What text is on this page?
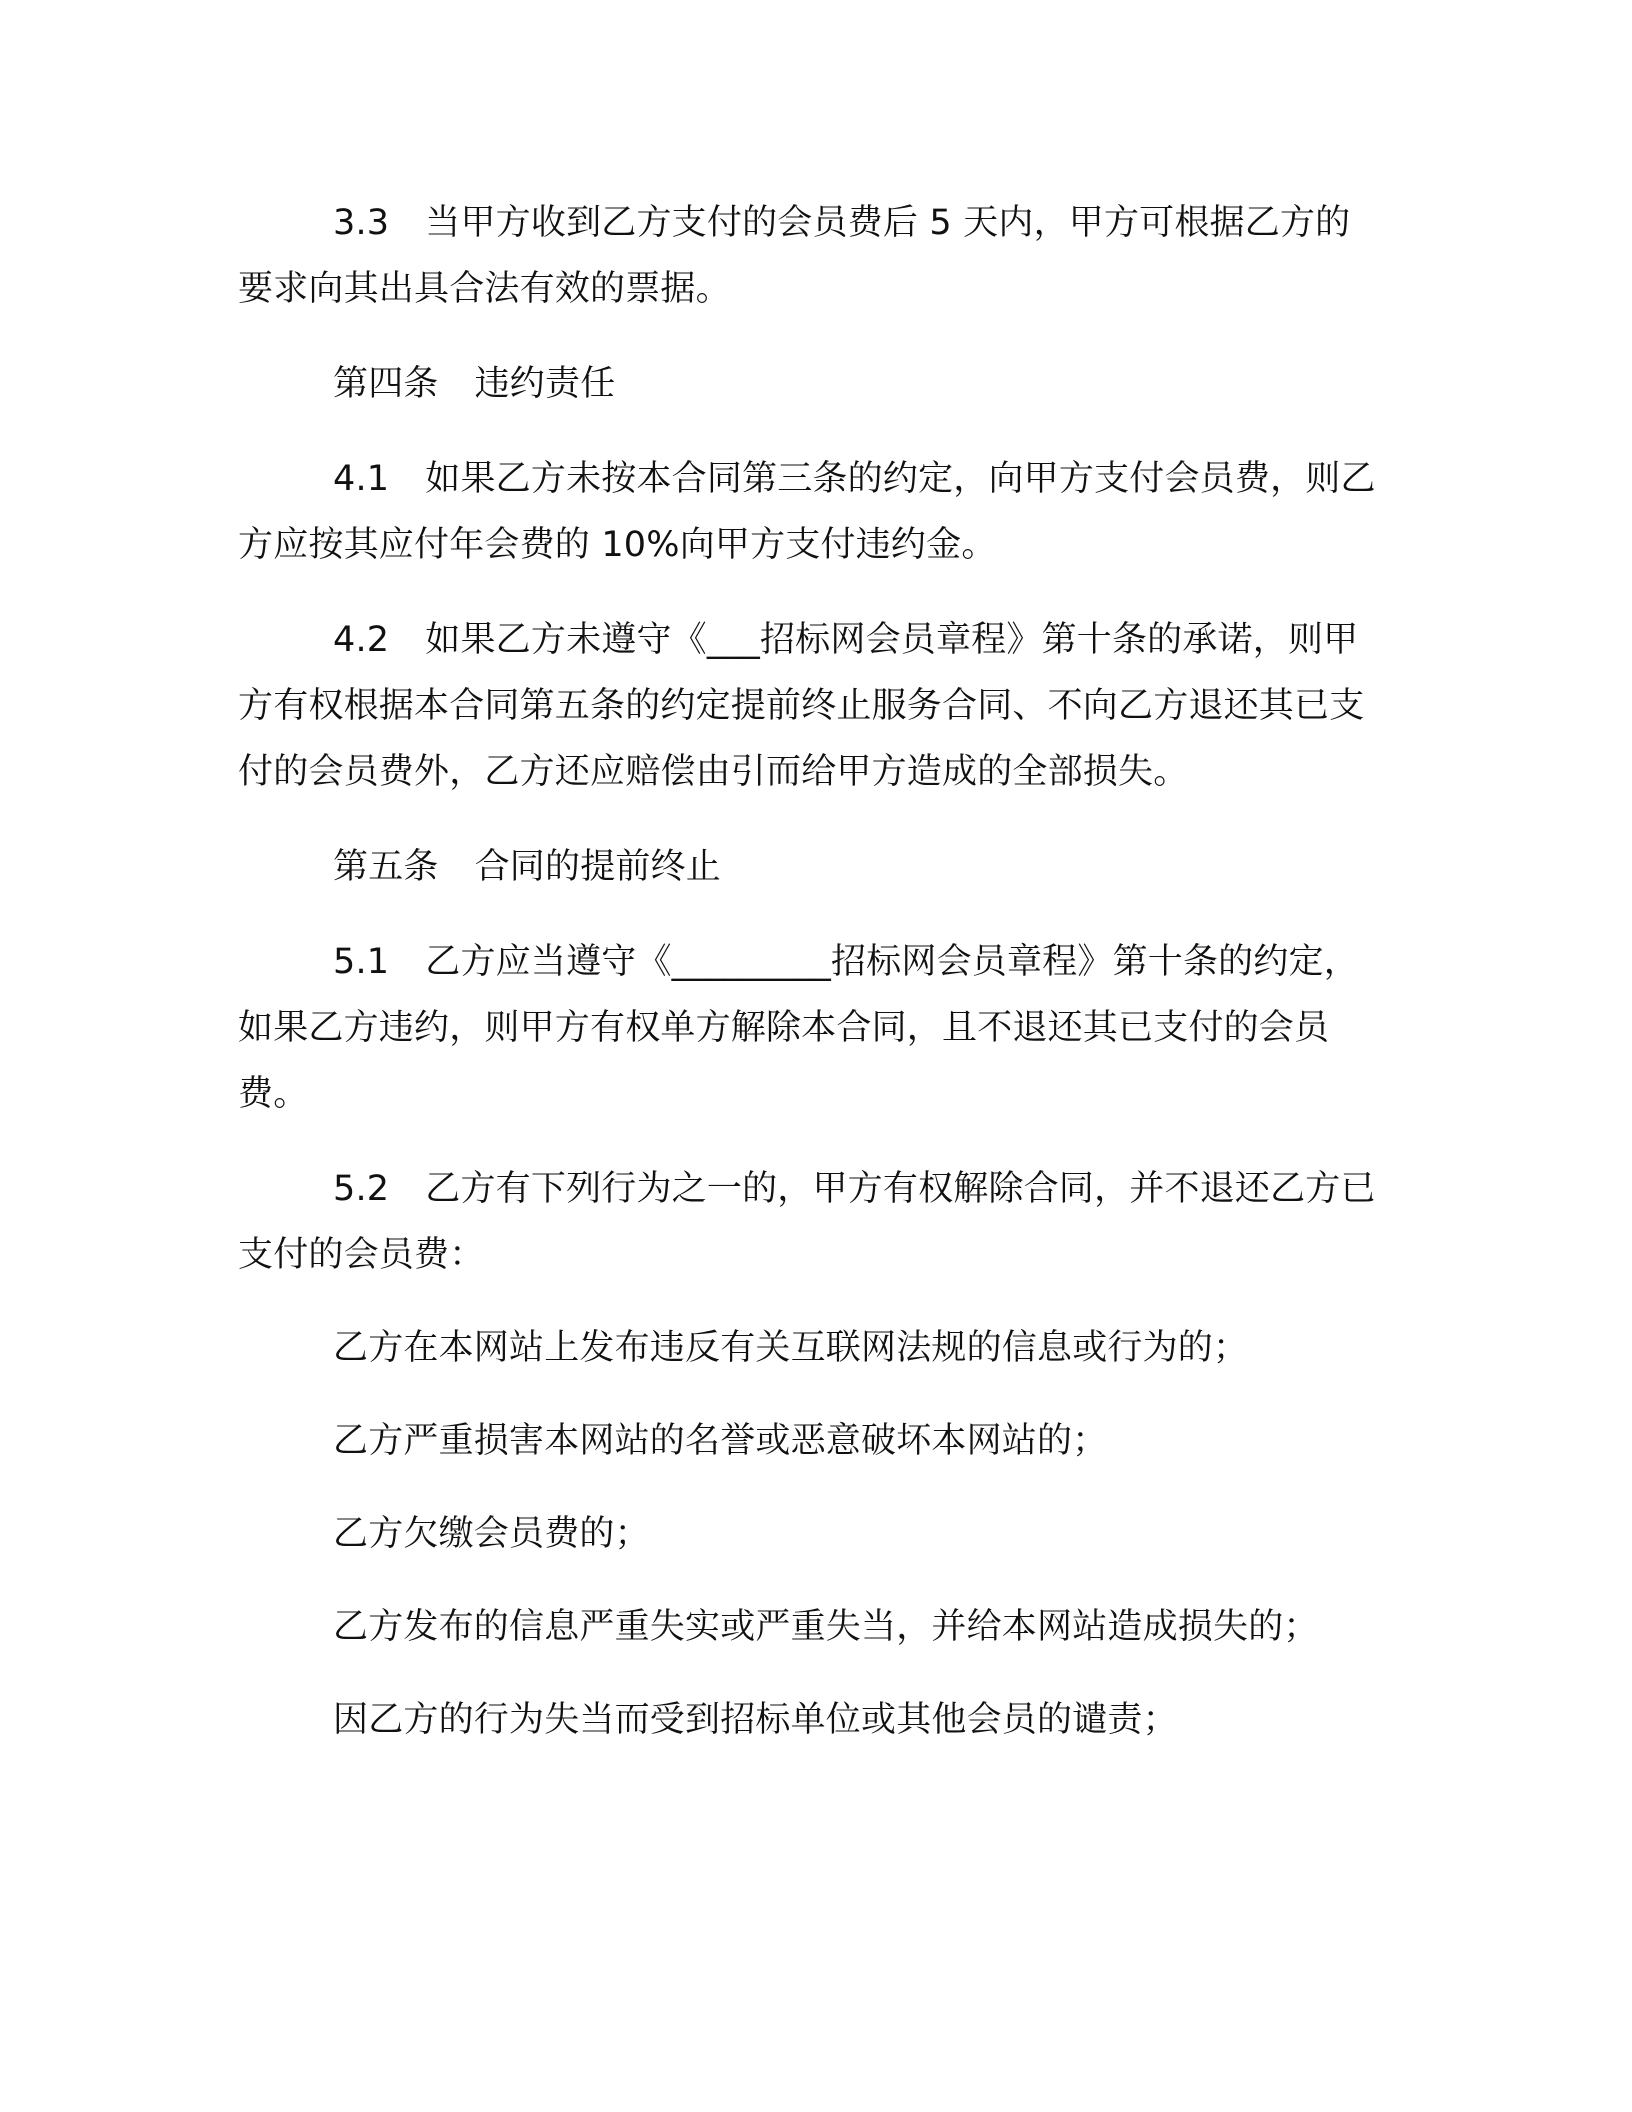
3.3 当甲方收到乙方支付的会员费后 5 天内，甲方可根据乙方的要求向其出具合法有效的票据。

第四条 违约责任

4.1 如果乙方未按本合同第三条的约定，向甲方支付会员费，则乙方应按其应付年会费的 10%向甲方支付违约金。

4.2 如果乙方未遵守《___招标网会员章程》第十条的承诺，则甲方有权根据本合同第五条的约定提前终止服务合同、不向乙方退还其已支付的会员费外，乙方还应赔偿由引而给甲方造成的全部损失。

第五条 合同的提前终止

5.1 乙方应当遵守《_________招标网会员章程》第十条的约定，如果乙方违约，则甲方有权单方解除本合同，且不退还其已支付的会员费。

5.2 乙方有下列行为之一的，甲方有权解除合同，并不退还乙方已支付的会员费：

乙方在本网站上发布违反有关互联网法规的信息或行为的；

乙方严重损害本网站的名誉或恶意破坏本网站的；

乙方欠缴会员费的；

乙方发布的信息严重失实或严重失当，并给本网站造成损失的；

因乙方的行为失当而受到招标单位或其他会员的谴责；
